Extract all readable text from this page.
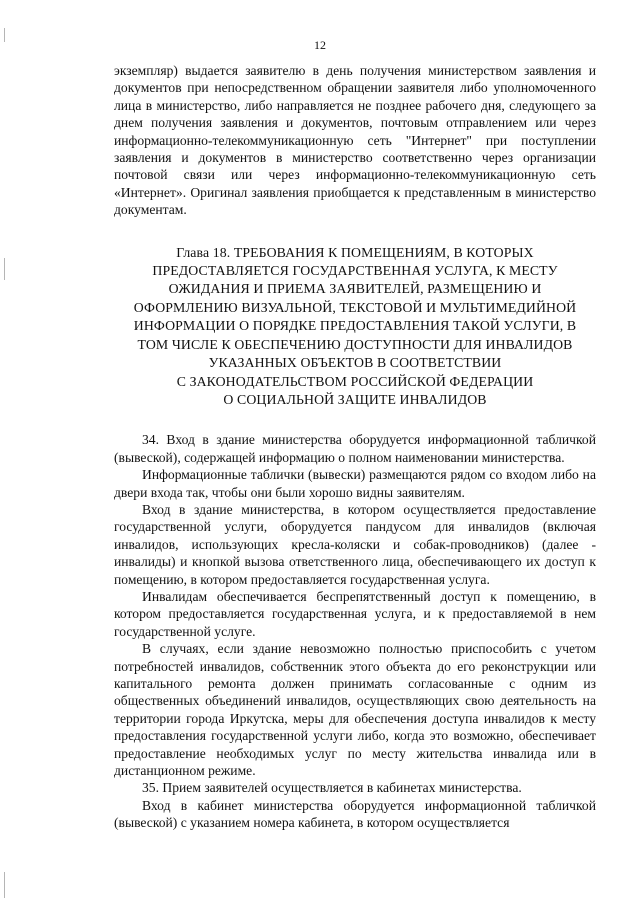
12

экземпляр) выдается заявителю в день получения министерством заявления и документов при непосредственном обращении заявителя либо уполномоченного лица в министерство, либо направляется не позднее рабочего дня, следующего за днем получения заявления и документов, почтовым отправлением или через информационно-телекоммуникационную сеть "Интернет" при поступлении заявления и документов в министерство соответственно через организации почтовой связи или через информационно-телекоммуникационную сеть «Интернет». Оригинал заявления приобщается к представленным в министерство документам.

Глава 18. ТРЕБОВАНИЯ К ПОМЕЩЕНИЯМ, В КОТОРЫХ
ПРЕДОСТАВЛЯЕТСЯ ГОСУДАРСТВЕННАЯ УСЛУГА, К МЕСТУ
ОЖИДАНИЯ И ПРИЕМА ЗАЯВИТЕЛЕЙ, РАЗМЕЩЕНИЮ И
ОФОРМЛЕНИЮ ВИЗУАЛЬНОЙ, ТЕКСТОВОЙ И МУЛЬТИМЕДИЙНОЙ
ИНФОРМАЦИИ О ПОРЯДКЕ ПРЕДОСТАВЛЕНИЯ ТАКОЙ УСЛУГИ, В
ТОМ ЧИСЛЕ К ОБЕСПЕЧЕНИЮ ДОСТУПНОСТИ ДЛЯ ИНВАЛИДОВ
УКАЗАННЫХ ОБЪЕКТОВ В СООТВЕТСТВИИ
С ЗАКОНОДАТЕЛЬСТВОМ РОССИЙСКОЙ ФЕДЕРАЦИИ
О СОЦИАЛЬНОЙ ЗАЩИТЕ ИНВАЛИДОВ

34. Вход в здание министерства оборудуется информационной табличкой (вывеской), содержащей информацию о полном наименовании министерства.

Информационные таблички (вывески) размещаются рядом со входом либо на двери входа так, чтобы они были хорошо видны заявителям.

Вход в здание министерства, в котором осуществляется предоставление государственной услуги, оборудуется пандусом для инвалидов (включая инвалидов, использующих кресла-коляски и собак-проводников) (далее - инвалиды) и кнопкой вызова ответственного лица, обеспечивающего их доступ к помещению, в котором предоставляется государственная услуга.

Инвалидам обеспечивается беспрепятственный доступ к помещению, в котором предоставляется государственная услуга, и к предоставляемой в нем государственной услуге.

В случаях, если здание невозможно полностью приспособить с учетом потребностей инвалидов, собственник этого объекта до его реконструкции или капитального ремонта должен принимать согласованные с одним из общественных объединений инвалидов, осуществляющих свою деятельность на территории города Иркутска, меры для обеспечения доступа инвалидов к месту предоставления государственной услуги либо, когда это возможно, обеспечивает предоставление необходимых услуг по месту жительства инвалида или в дистанционном режиме.

35. Прием заявителей осуществляется в кабинетах министерства.

Вход в кабинет министерства оборудуется информационной табличкой (вывеской) с указанием номера кабинета, в котором осуществляется
